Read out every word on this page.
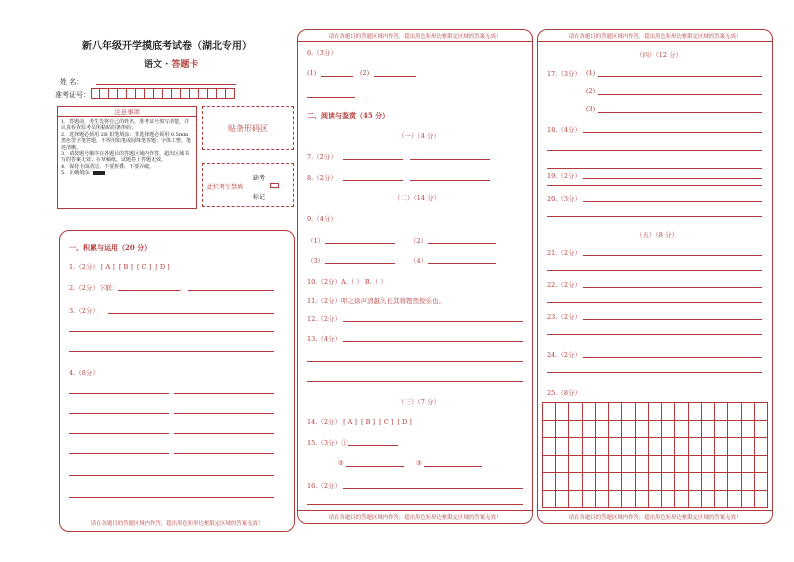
新八年级开学摸底考试卷（湖北专用）
语文 · 答题卡
姓 名：
准考证号：
注意事项
1．答题前，考生先将自己的姓名，准考证号填写清楚，并认真检查监考员所粘贴的条形码；
2．选择题必须用 2B 铅笔填涂；非选择题必须用 0.5mm黑色签字笔答题，不得用铅笔或圆珠笔答题；字体工整、笔迹清晰。
3．请按题号顺序在各题目的答题区域内作答，超出区域书写的答案无效；在草稿纸、试题卷上答题无效。
4．保持卡面清洁，不要折叠、不要弄破。
5．正确填涂
贴条形码区
缺考
此栏考生禁填
标记
一、积累与运用（20 分）
1.（2分） [ A ] [ B ] [ C ] [ D ]
2.（2分）下联：	，
3.（2分）
4.（8分）
请在各题目的答题区域内作答，超出黑色矩形边框限定区域的答案无效！
请在各题目的答题区域内作答，超出黑色矩形边框限定区域的答案无效！
6.（3分）
(1)	(2)
二、阅读与鉴赏（45 分）
（一）（4 分）
7.（2分）
8.（2分）
（二）（14 分）
9.（4分）
（1）	（2）
（3）	（4）
10.（2分）A.（ ） B.（ ）
11.（2分）叩之徐声清越久长其将铿然悦乐也。
12.（2分）
13.（4分）
（三）（7 分）
14.（2分） [ A ] [ B ] [ C ] [ D ]
15.（3分）①
②	③
16.（2分）
请在各题目的答题区域内作答，超出黑色矩形边框限定区域的答案无效！
请在各题目的答题区域内作答，超出黑色矩形边框限定区域的答案无效！
（四）（12 分）
17.（3分） (1)
(2)
(3)
18.（4分）
19.（2分）
20.（3分）
（五）（8 分）
21.（2分）
22.（2分）
23.（2分）
24.（2分）
25.（8分）
请在各题目的答题区域内作答，超出黑色矩形边框限定区域的答案无效！
